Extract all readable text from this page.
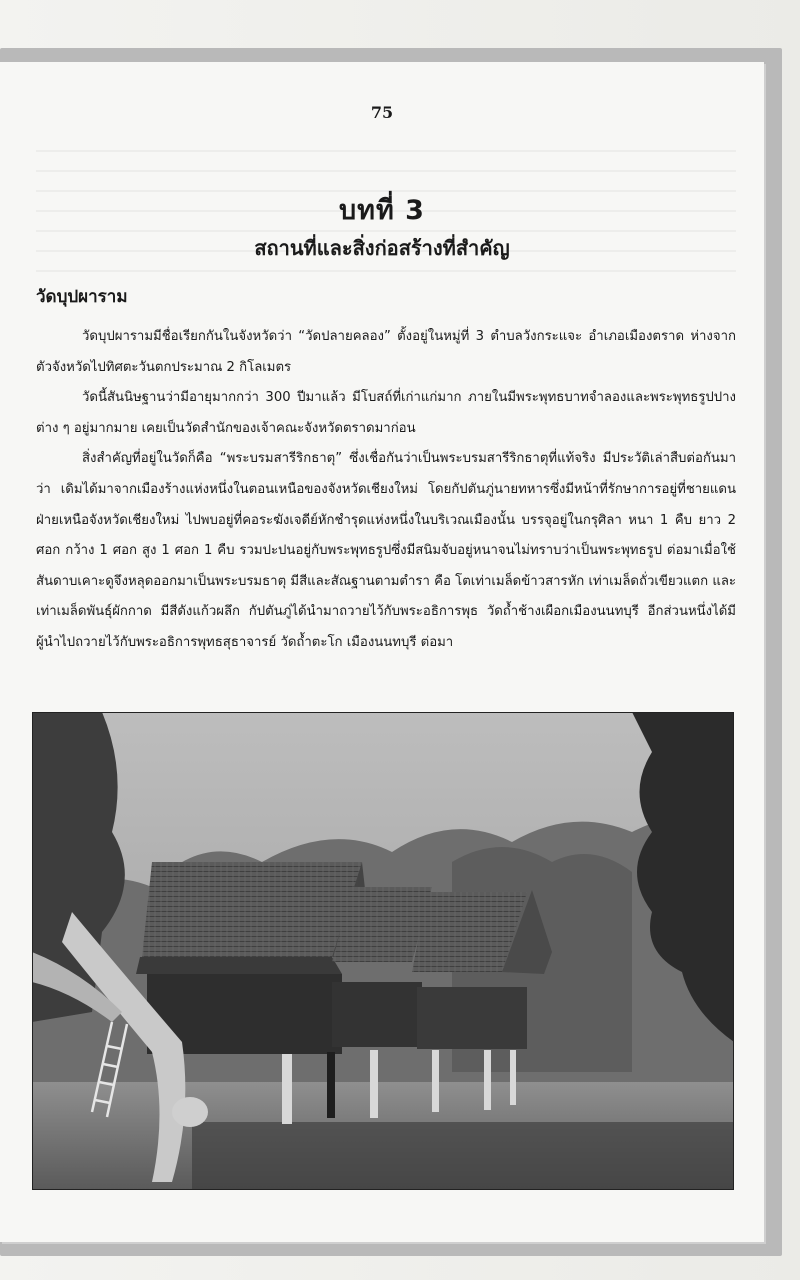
75
บทที่ 3
สถานที่และสิ่งก่อสร้างที่สำคัญ
วัดบุปผาราม

วัดบุปผารามมีชื่อเรียกกันในจังหวัดว่า “วัดปลายคลอง” ตั้งอยู่ในหมู่ที่ 3 ตำบลวังกระแจะ อำเภอเมืองตราด ห่างจากตัวจังหวัดไปทิศตะวันตกประมาณ 2 กิโลเมตร

วัดนี้สันนิษฐานว่ามีอายุมากกว่า 300 ปีมาแล้ว มีโบสถ์ที่เก่าแก่มาก ภายในมีพระพุทธบาทจำลองและพระพุทธรูปปางต่าง ๆ อยู่มากมาย เคยเป็นวัดสำนักของเจ้าคณะจังหวัดตราดมาก่อน

สิ่งสำคัญที่อยู่ในวัดก็คือ “พระบรมสารีริกธาตุ” ซึ่งเชื่อกันว่าเป็นพระบรมสารีริกธาตุที่แท้จริง มีประวัติเล่าสืบต่อกันมาว่า เดิมได้มาจากเมืองร้างแห่งหนึ่งในตอนเหนือของจังหวัดเชียงใหม่ โดยกัปตันภู่นายทหารซึ่งมีหน้าที่รักษาการอยู่ที่ชายแดนฝ่ายเหนือจังหวัดเชียงใหม่ ไปพบอยู่ที่คอระฆังเจดีย์หักชำรุดแห่งหนึ่งในบริเวณเมืองนั้น บรรจุอยู่ในกรุศิลา หนา 1 คืบ ยาว 2 ศอก กว้าง 1 ศอก สูง 1 ศอก 1 คืบ รวมปะปนอยู่กับพระพุทธรูปซึ่งมีสนิมจับอยู่หนาจนไม่ทราบว่าเป็นพระพุทธรูป ต่อมาเมื่อใช้สันดาบเคาะดูจึงหลุดออกมาเป็นพระบรมธาตุ มีสีและสัณฐานตามตำรา คือ โตเท่าเมล็ดข้าวสารหัก เท่าเมล็ดถั่วเขียวแตก และเท่าเมล็ดพันธุ์ผักกาด มีสีดังแก้วผลึก กัปตันภู่ได้นำมาถวายไว้กับพระอธิการพุธ วัดถ้ำช้างเผือกเมืองนนทบุรี อีกส่วนหนึ่งได้มีผู้นำไปถวายไว้กับพระอธิการพุทธสุธาจารย์ วัดถ้ำตะโก เมืองนนทบุรี ต่อมา
